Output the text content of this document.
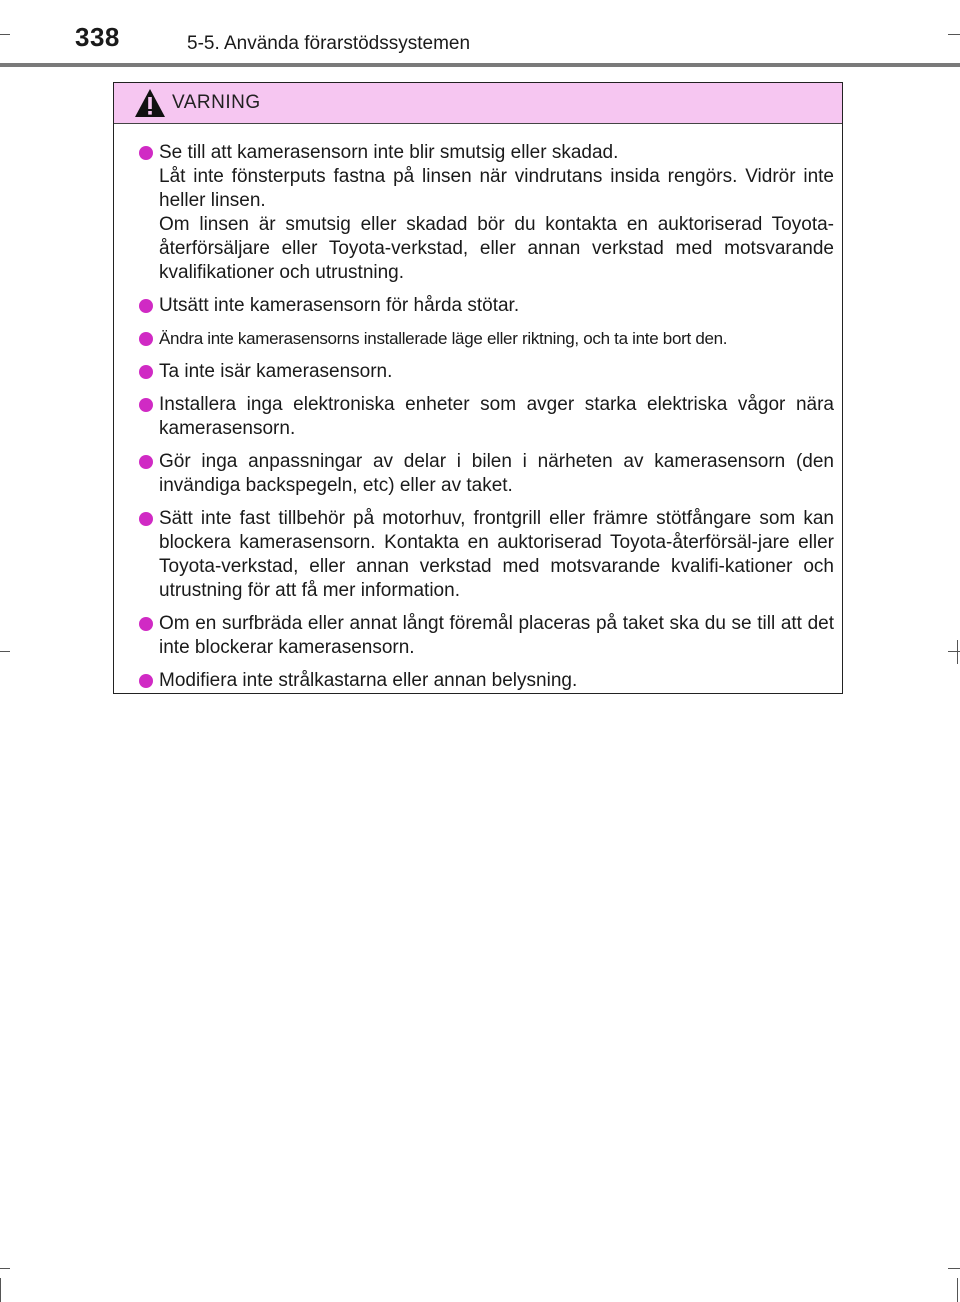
338	5-5. Använda förarstödssystemen
VARNING
Se till att kamerasensorn inte blir smutsig eller skadad.
Låt inte fönsterputs fastna på linsen när vindrutans insida rengörs. Vidrör inte heller linsen.
Om linsen är smutsig eller skadad bör du kontakta en auktoriserad Toyota-återförsäljare eller Toyota-verkstad, eller annan verkstad med motsvarande kvalifikationer och utrustning.
Utsätt inte kamerasensorn för hårda stötar.
Ändra inte kamerasensorns installerade läge eller riktning, och ta inte bort den.
Ta inte isär kamerasensorn.
Installera inga elektroniska enheter som avger starka elektriska vågor nära kamerasensorn.
Gör inga anpassningar av delar i bilen i närheten av kamerasensorn (den invändiga backspegeln, etc) eller av taket.
Sätt inte fast tillbehör på motorhuv, frontgrill eller främre stötfångare som kan blockera kamerasensorn. Kontakta en auktoriserad Toyota-återförsäl-jare eller Toyota-verkstad, eller annan verkstad med motsvarande kvalifi-kationer och utrustning för att få mer information.
Om en surfbräda eller annat långt föremål placeras på taket ska du se till att det inte blockerar kamerasensorn.
Modifiera inte strålkastarna eller annan belysning.
